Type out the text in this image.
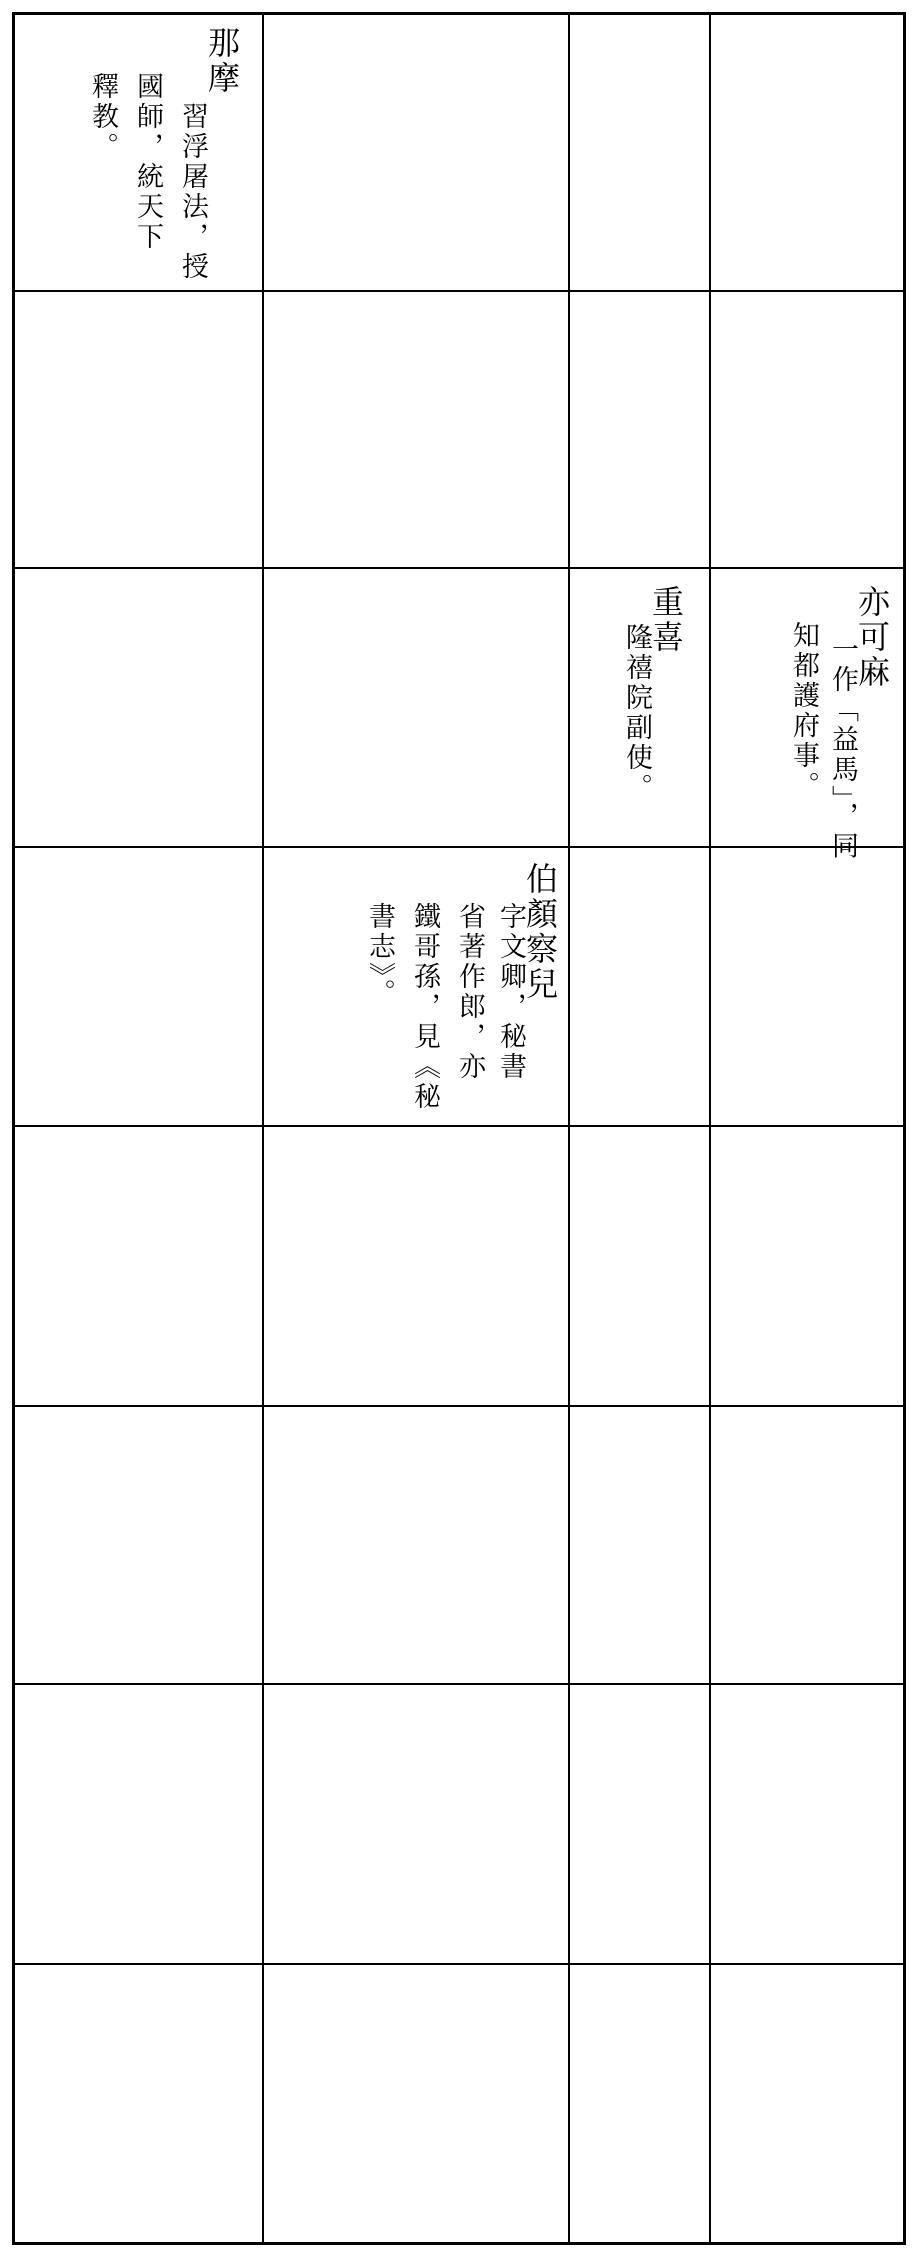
那摩
　習浮屠法，授
國師，統天下
釋教。
重喜
隆禧院副使。	亦可麻
一作「益馬」，同
知都護府事。
伯顏察兒
字文卿，秘書
省著作郎，亦
鐵哥孫，見《秘
書志》。
